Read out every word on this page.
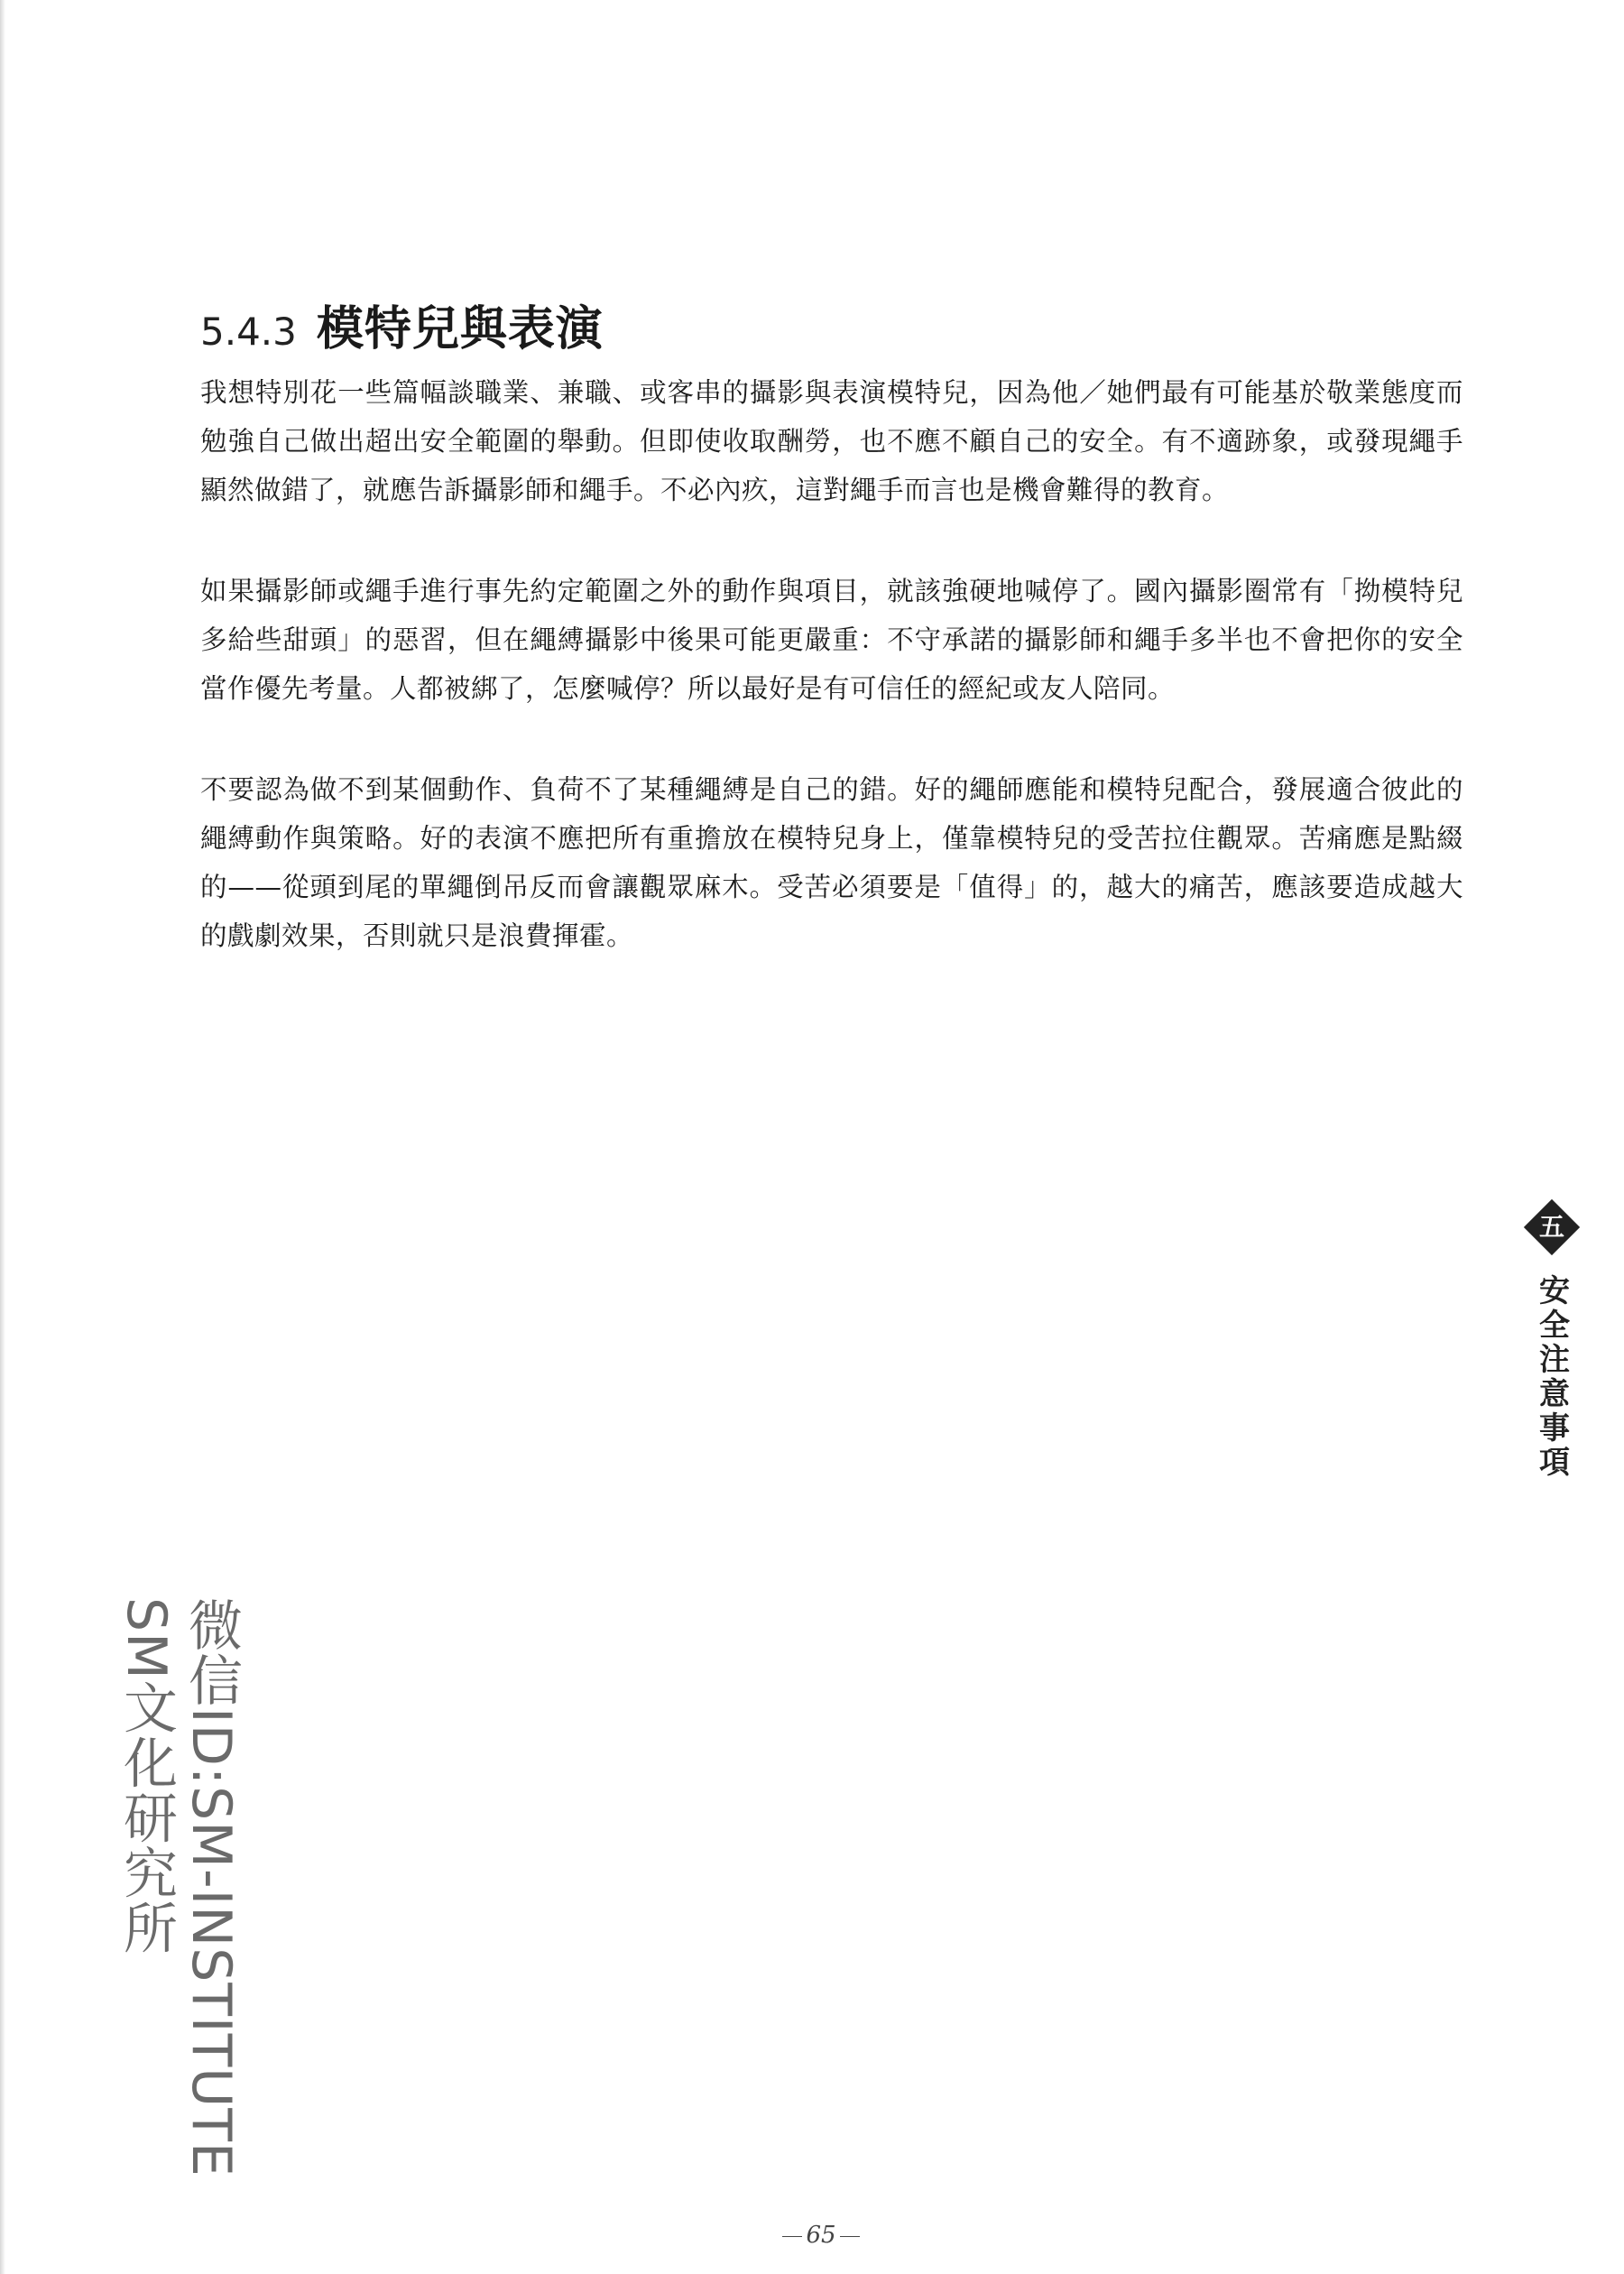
5.4.3 模特兒與表演

我想特別花一些篇幅談職業、兼職、或客串的攝影與表演模特兒，因為他／她們最有可能基於敬業態度而勉強自己做出超出安全範圍的舉動。但即使收取酬勞，也不應不顧自己的安全。有不適跡象，或發現繩手顯然做錯了，就應告訴攝影師和繩手。不必內疚，這對繩手而言也是機會難得的教育。

如果攝影師或繩手進行事先約定範圍之外的動作與項目，就該強硬地喊停了。國內攝影圈常有「拗模特兒多給些甜頭」的惡習，但在繩縛攝影中後果可能更嚴重：不守承諾的攝影師和繩手多半也不會把你的安全當作優先考量。人都被綁了，怎麼喊停？所以最好是有可信任的經紀或友人陪同。

不要認為做不到某個動作、負荷不了某種繩縛是自己的錯。好的繩師應能和模特兒配合，發展適合彼此的繩縛動作與策略。好的表演不應把所有重擔放在模特兒身上，僅靠模特兒的受苦拉住觀眾。苦痛應是點綴的——從頭到尾的單繩倒吊反而會讓觀眾麻木。受苦必須要是「值得」的，越大的痛苦，應該要造成越大的戲劇效果，否則就只是浪費揮霍。

五
安全注意事項
微信ID:SM-INSTITUTE
SM文化研究所
65
